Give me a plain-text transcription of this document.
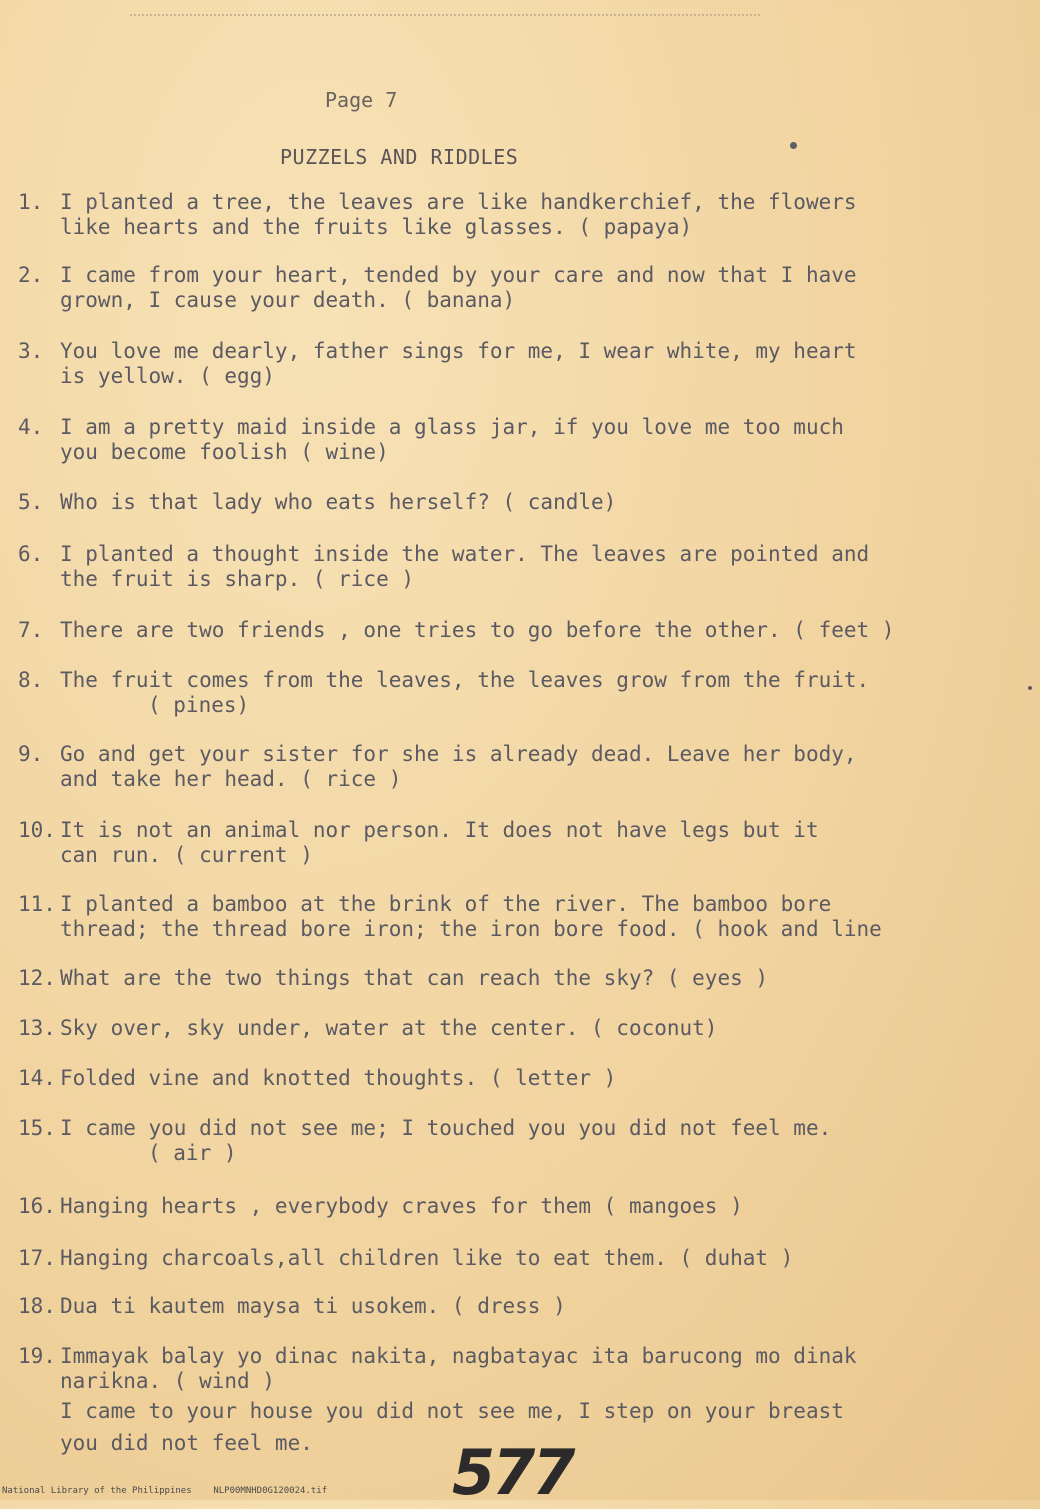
Page 7
PUZZELS AND RIDDLES
1. I planted a tree, the leaves are like handkerchief, the flowers
like hearts and the fruits like glasses. ( papaya)
2. I came from your heart, tended by your care and now that I have
grown, I cause your death. ( banana)
3. You love me dearly, father sings for me, I wear white, my heart
is yellow. ( egg)
4. I am a pretty maid inside a glass jar, if you love me too much
you become foolish ( wine)
5. Who is that lady who eats herself? ( candle)
6. I planted a thought inside the water. The leaves are pointed and
the fruit is sharp. ( rice )
7. There are two friends , one tries to go before the other. ( feet )
8. The fruit comes from the leaves, the leaves grow from the fruit.
( pines)
9. Go and get your sister for she is already dead. Leave her body,
and take her head. ( rice )
10. It is not an animal nor person. It does not have legs but it
can run. ( current )
11. I planted a bamboo at the brink of the river. The bamboo bore
thread; the thread bore iron; the iron bore food. ( hook and line
12. What are the two things that can reach the sky? ( eyes )
13. Sky over, sky under, water at the center. ( coconut)
14. Folded vine and knotted thoughts. ( letter )
15. I came you did not see me; I touched you you did not feel me.
( air )
16. Hanging hearts , everybody craves for them ( mangoes )
17. Hanging charcoals,all children like to eat them. ( duhat )
18. Dua ti kautem maysa ti usokem. ( dress )
19. Immayak balay yo dinac nakita, nagbatayac ita barucong mo dinak
narikna. ( wind )
I came to your house you did not see me, I step on your breast
you did not feel me. 577
National Library of the Philippines    NLP00MNHD0G120024.tif
